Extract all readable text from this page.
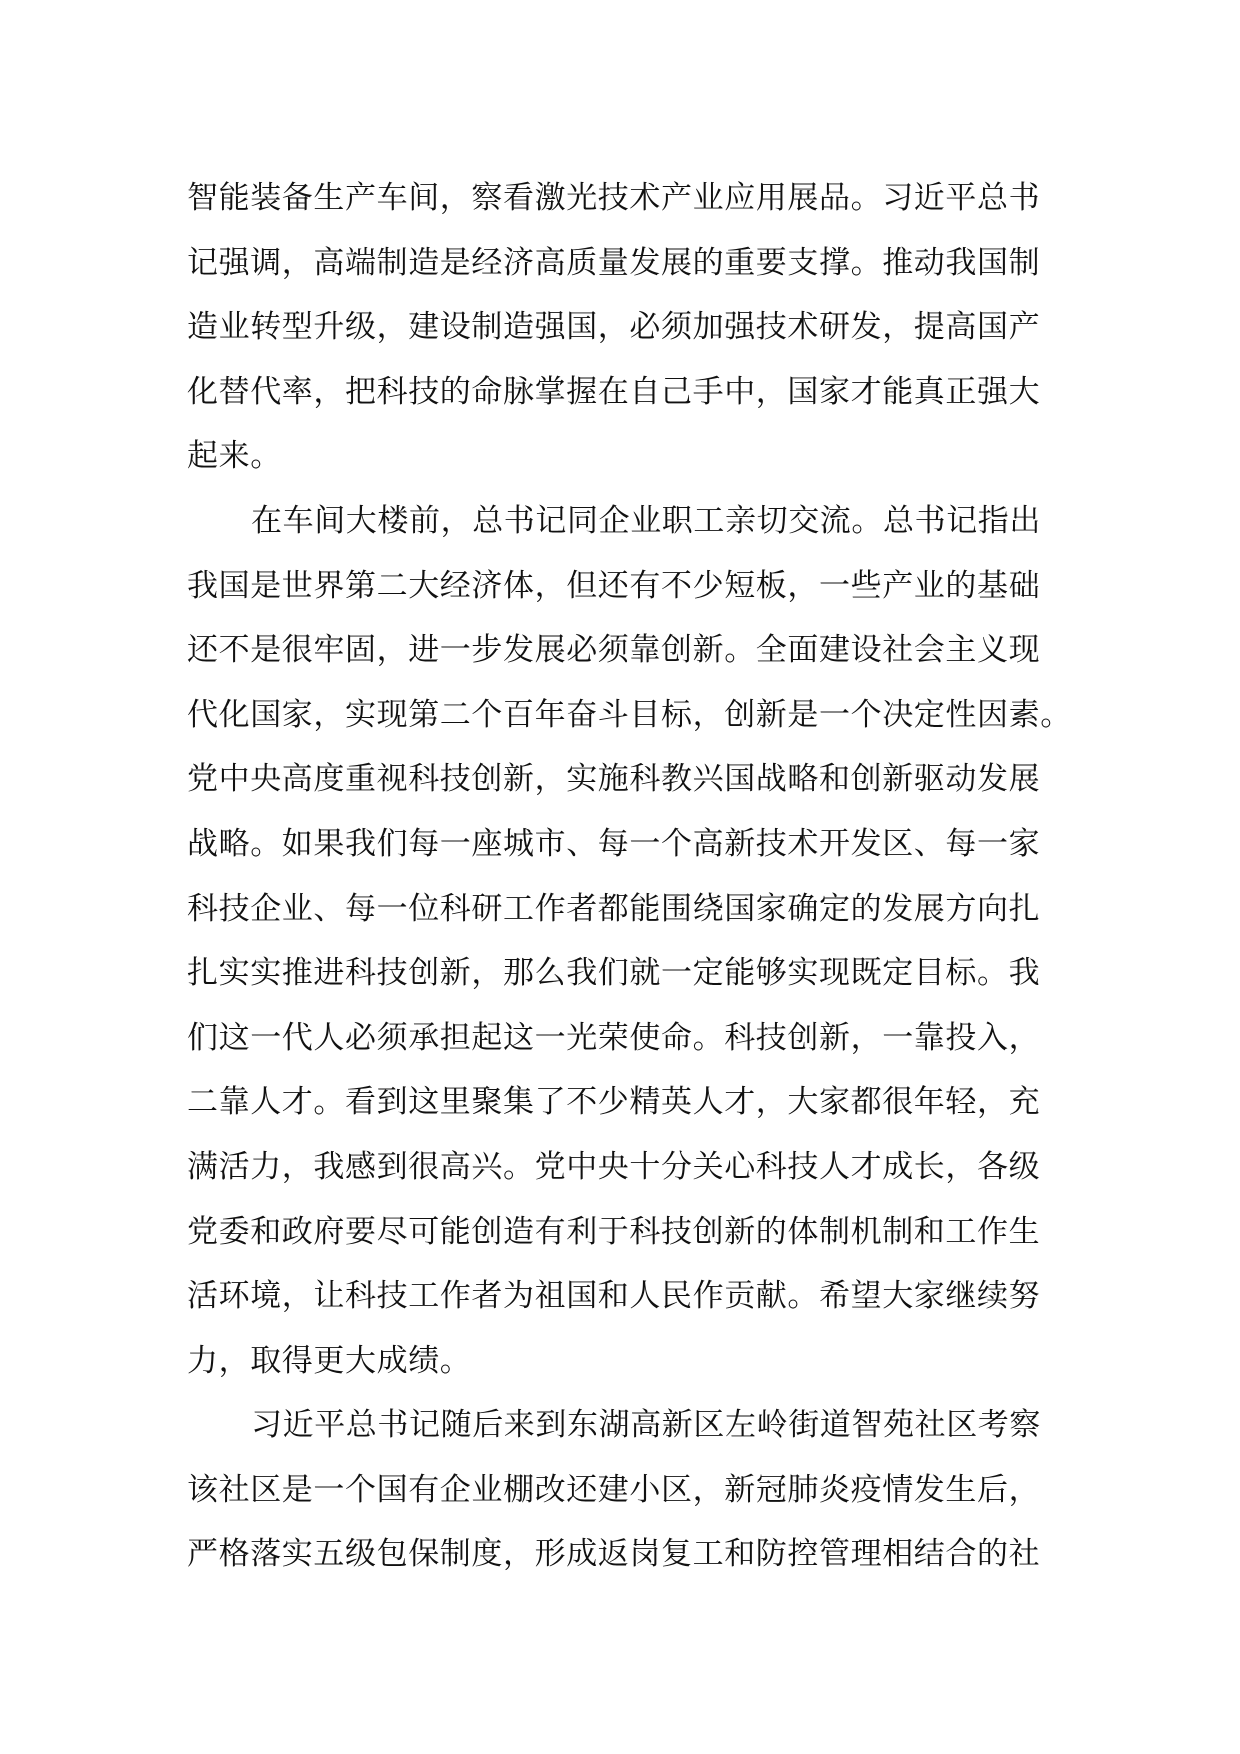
智能装备生产车间，察看激光技术产业应用展品。习近平总书
记强调，高端制造是经济高质量发展的重要支撑。推动我国制
造业转型升级，建设制造强国，必须加强技术研发，提高国产
化替代率，把科技的命脉掌握在自己手中，国家才能真正强大
起来。
在车间大楼前，总书记同企业职工亲切交流。总书记指出
我国是世界第二大经济体，但还有不少短板，一些产业的基础
还不是很牢固，进一步发展必须靠创新。全面建设社会主义现
代化国家，实现第二个百年奋斗目标，创新是一个决定性因素。
党中央高度重视科技创新，实施科教兴国战略和创新驱动发展
战略。如果我们每一座城市、每一个高新技术开发区、每一家
科技企业、每一位科研工作者都能围绕国家确定的发展方向扎
扎实实推进科技创新，那么我们就一定能够实现既定目标。我
们这一代人必须承担起这一光荣使命。科技创新，一靠投入，
二靠人才。看到这里聚集了不少精英人才，大家都很年轻，充
满活力，我感到很高兴。党中央十分关心科技人才成长，各级
党委和政府要尽可能创造有利于科技创新的体制机制和工作生
活环境，让科技工作者为祖国和人民作贡献。希望大家继续努
力，取得更大成绩。
习近平总书记随后来到东湖高新区左岭街道智苑社区考察
该社区是一个国有企业棚改还建小区，新冠肺炎疫情发生后，
严格落实五级包保制度，形成返岗复工和防控管理相结合的社
